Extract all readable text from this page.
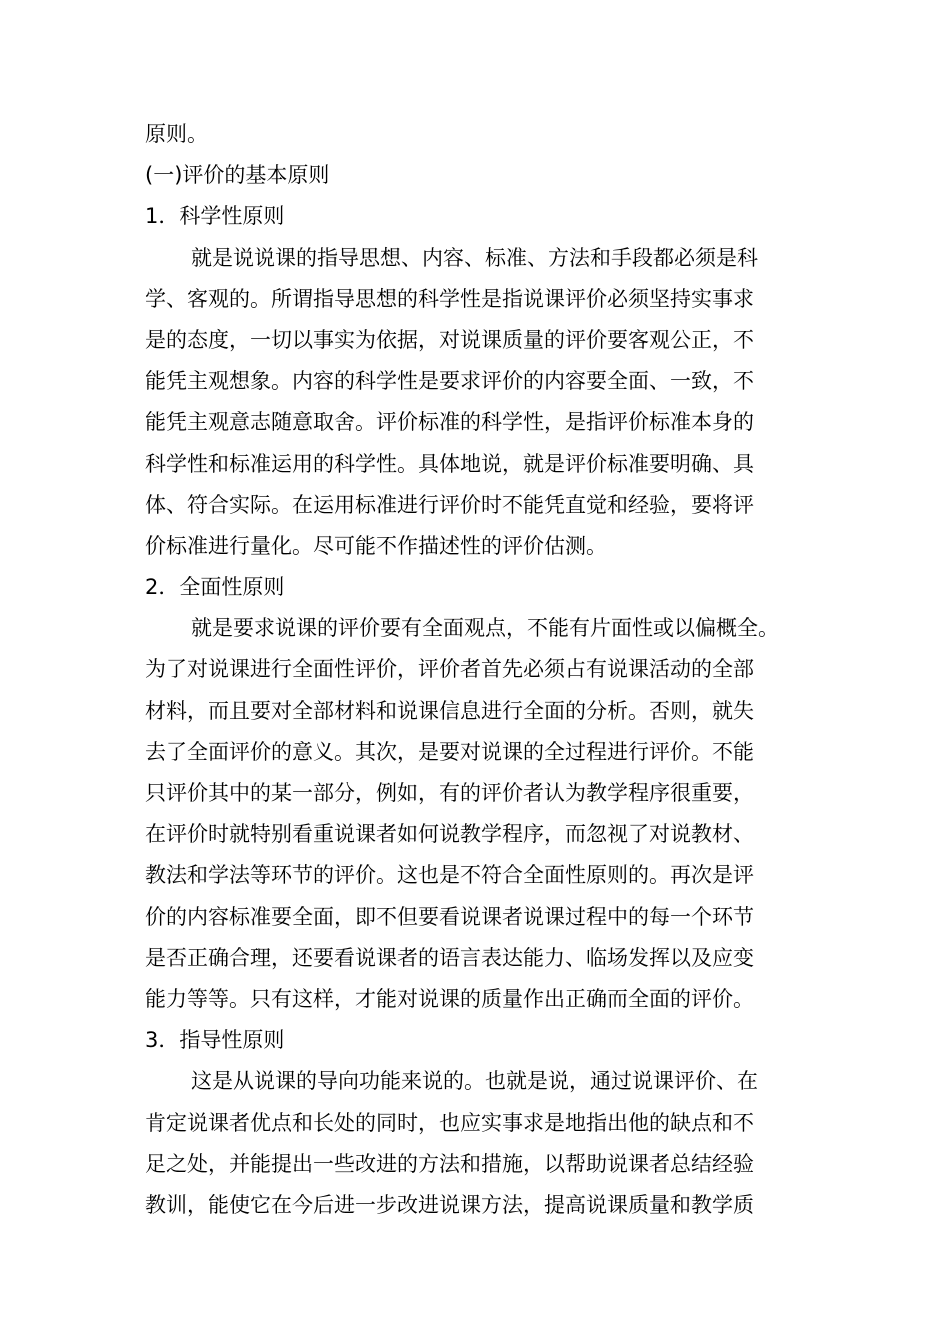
原则。
(一)评价的基本原则
1．科学性原则
就是说说课的指导思想、内容、标准、方法和手段都必须是科
学、客观的。所谓指导思想的科学性是指说课评价必须坚持实事求
是的态度，一切以事实为依据，对说课质量的评价要客观公正，不
能凭主观想象。内容的科学性是要求评价的内容要全面、一致，不
能凭主观意志随意取舍。评价标准的科学性，是指评价标准本身的
科学性和标准运用的科学性。具体地说，就是评价标准要明确、具
体、符合实际。在运用标准进行评价时不能凭直觉和经验，要将评
价标准进行量化。尽可能不作描述性的评价估测。
2．全面性原则
就是要求说课的评价要有全面观点，不能有片面性或以偏概全。
为了对说课进行全面性评价，评价者首先必须占有说课活动的全部
材料，而且要对全部材料和说课信息进行全面的分析。否则，就失
去了全面评价的意义。其次，是要对说课的全过程进行评价。不能
只评价其中的某一部分，例如，有的评价者认为教学程序很重要，
在评价时就特别看重说课者如何说教学程序，而忽视了对说教材、
教法和学法等环节的评价。这也是不符合全面性原则的。再次是评
价的内容标准要全面，即不但要看说课者说课过程中的每一个环节
是否正确合理，还要看说课者的语言表达能力、临场发挥以及应变
能力等等。只有这样，才能对说课的质量作出正确而全面的评价。
3．指导性原则
这是从说课的导向功能来说的。也就是说，通过说课评价、在
肯定说课者优点和长处的同时，也应实事求是地指出他的缺点和不
足之处，并能提出一些改进的方法和措施，以帮助说课者总结经验
教训，能使它在今后进一步改进说课方法，提高说课质量和教学质
